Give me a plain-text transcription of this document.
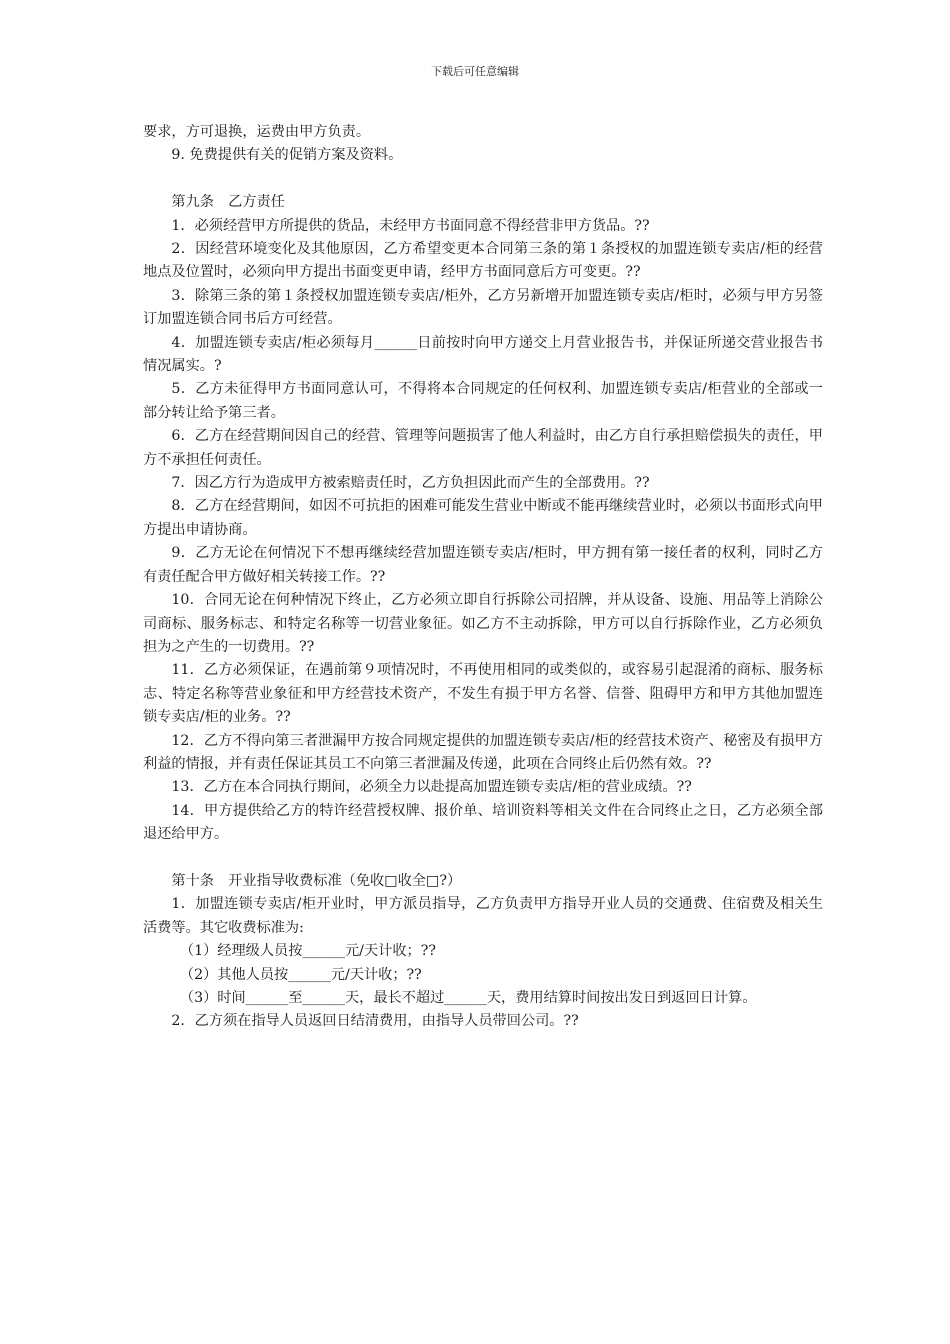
下载后可任意编辑

要求，方可退换，运费由甲方负责。

9. 免费提供有关的促销方案及资料。

第九条　乙方责任

1．必须经营甲方所提供的货品，未经甲方书面同意不得经营非甲方货品。??

2．因经营环境变化及其他原因，乙方希望变更本合同第三条的第１条授权的加盟连锁专卖店/柜的经营地点及位置时，必须向甲方提出书面变更申请，经甲方书面同意后方可变更。??

3．除第三条的第１条授权加盟连锁专卖店/柜外，乙方另新增开加盟连锁专卖店/柜时，必须与甲方另签订加盟连锁合同书后方可经营。

4．加盟连锁专卖店/柜必须每月______日前按时向甲方递交上月营业报告书，并保证所递交营业报告书情况属实。?

5．乙方未征得甲方书面同意认可，不得将本合同规定的任何权利、加盟连锁专卖店/柜营业的全部或一部分转让给予第三者。

6．乙方在经营期间因自己的经营、管理等问题损害了他人利益时，由乙方自行承担赔偿损失的责任，甲方不承担任何责任。

7．因乙方行为造成甲方被索赔责任时，乙方负担因此而产生的全部费用。??

8．乙方在经营期间，如因不可抗拒的困难可能发生营业中断或不能再继续营业时，必须以书面形式向甲方提出申请协商。

9．乙方无论在何情况下不想再继续经营加盟连锁专卖店/柜时，甲方拥有第一接任者的权利，同时乙方有责任配合甲方做好相关转接工作。??

10．合同无论在何种情况下终止，乙方必须立即自行拆除公司招牌，并从设备、设施、用品等上消除公司商标、服务标志、和特定名称等一切营业象征。如乙方不主动拆除，甲方可以自行拆除作业，乙方必须负担为之产生的一切费用。??

11．乙方必须保证，在遇前第９项情况时，不再使用相同的或类似的，或容易引起混淆的商标、服务标志、特定名称等营业象征和甲方经营技术资产，不发生有损于甲方名誉、信誉、阻碍甲方和甲方其他加盟连锁专卖店/柜的业务。??

12．乙方不得向第三者泄漏甲方按合同规定提供的加盟连锁专卖店/柜的经营技术资产、秘密及有损甲方利益的情报，并有责任保证其员工不向第三者泄漏及传递，此项在合同终止后仍然有效。??

13．乙方在本合同执行期间，必须全力以赴提高加盟连锁专卖店/柜的营业成绩。??

14．甲方提供给乙方的特许经营授权牌、报价单、培训资料等相关文件在合同终止之日，乙方必须全部退还给甲方。

第十条　开业指导收费标准（免收□收全□?）

1．加盟连锁专卖店/柜开业时，甲方派员指导，乙方负责甲方指导开业人员的交通费、住宿费及相关生活费等。其它收费标准为:

（1）经理级人员按______元/天计收；??

（2）其他人员按______元/天计收；??

（3）时间______至______天，最长不超过______天，费用结算时间按出发日到返回日计算。

2．乙方须在指导人员返回日结清费用，由指导人员带回公司。??
